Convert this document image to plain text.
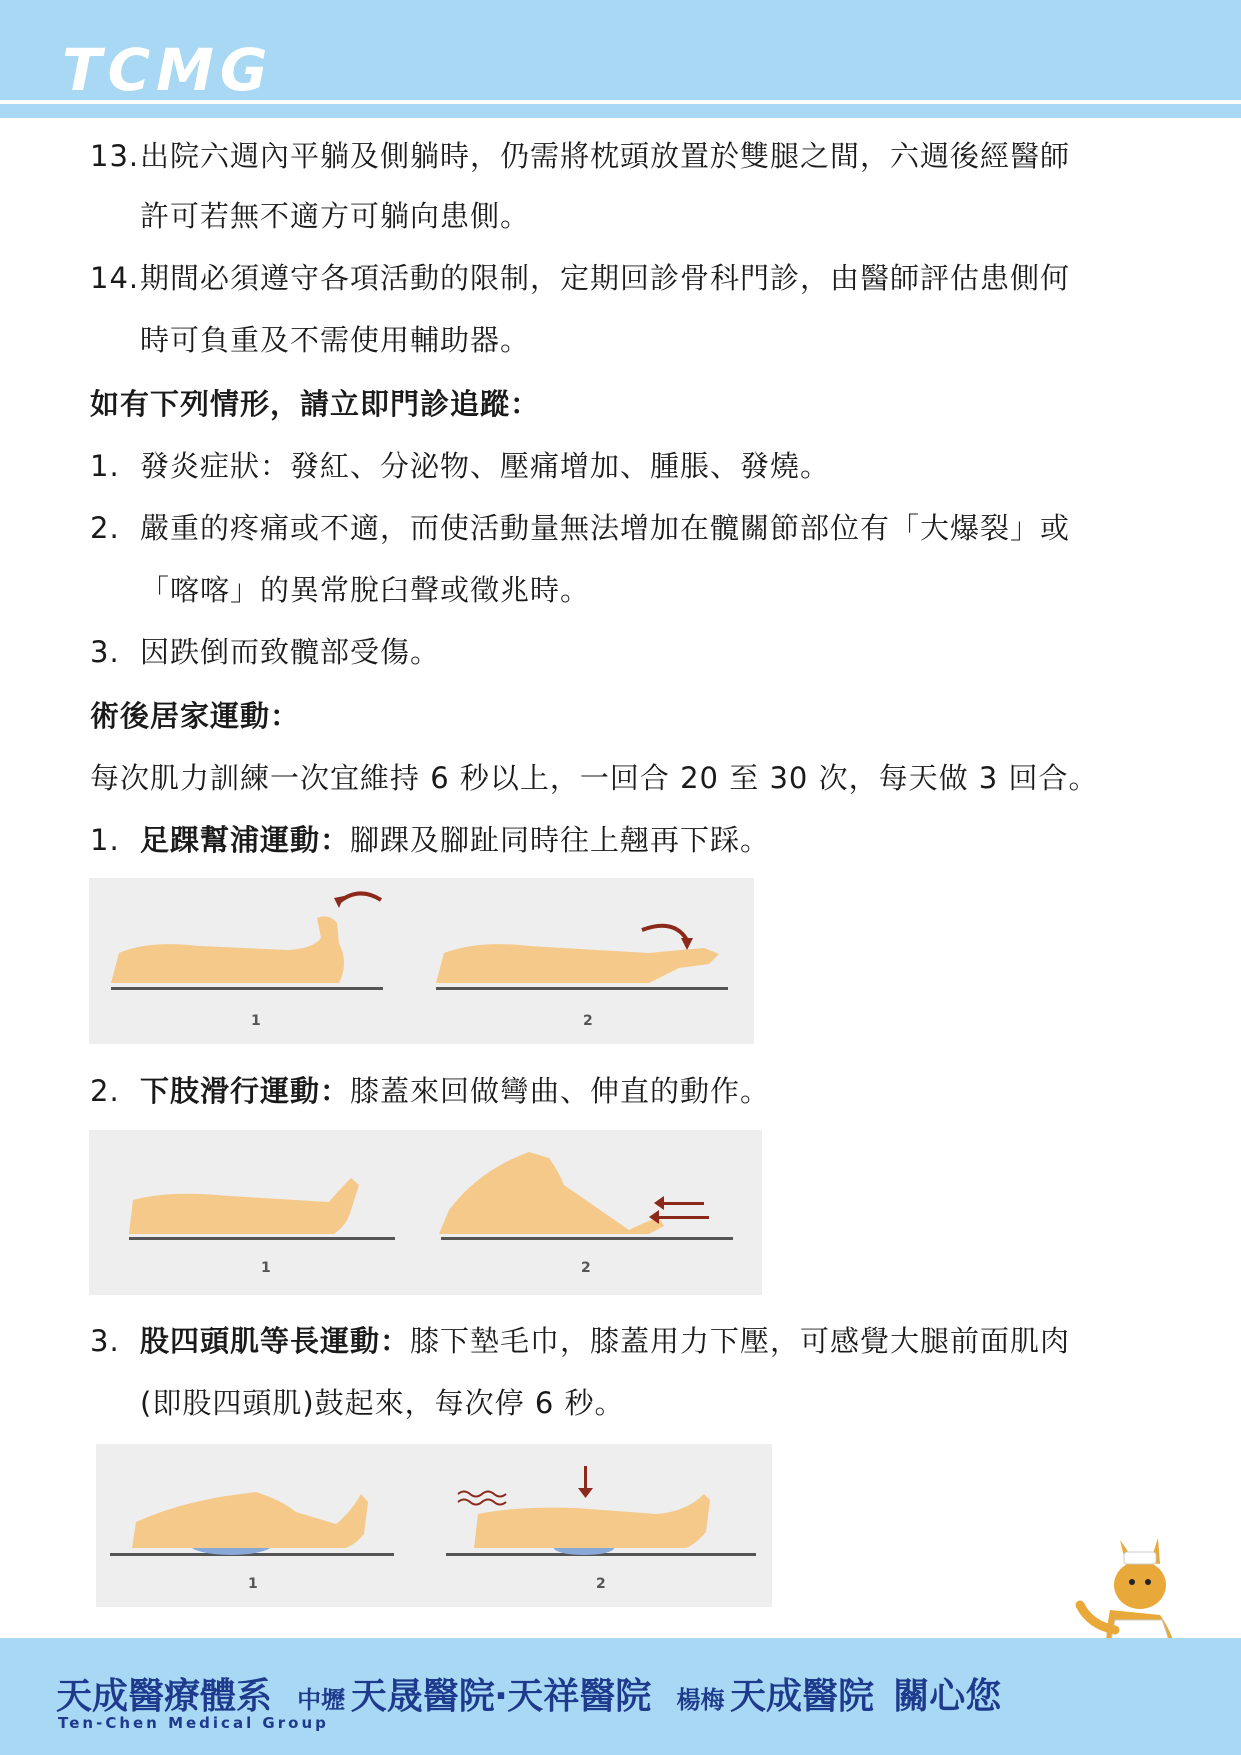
TCMG
13.出院六週內平躺及側躺時，仍需將枕頭放置於雙腿之間，六週後經醫師
許可若無不適方可躺向患側。
14.期間必須遵守各項活動的限制，定期回診骨科門診，由醫師評估患側何
時可負重及不需使用輔助器。
如有下列情形，請立即門診追蹤：
1. 發炎症狀：發紅、分泌物、壓痛增加、腫脹、發燒。
2. 嚴重的疼痛或不適，而使活動量無法增加在髖關節部位有「大爆裂」或
「喀喀」的異常脫臼聲或徵兆時。
3. 因跌倒而致髖部受傷。
術後居家運動：
每次肌力訓練一次宜維持 6 秒以上，一回合 20 至 30 次，每天做 3 回合。
1. 足踝幫浦運動：腳踝及腳趾同時往上翹再下踩。
1	2
2. 下肢滑行運動：膝蓋來回做彎曲、伸直的動作。
1	2
3. 股四頭肌等長運動：膝下墊毛巾，膝蓋用力下壓，可感覺大腿前面肌肉
(即股四頭肌)鼓起來，每次停 6 秒。
1	2
天成醫療體系 中壢 天晟醫院‧天祥醫院 楊梅 天成醫院 關心您
Ten-Chen Medical Group
